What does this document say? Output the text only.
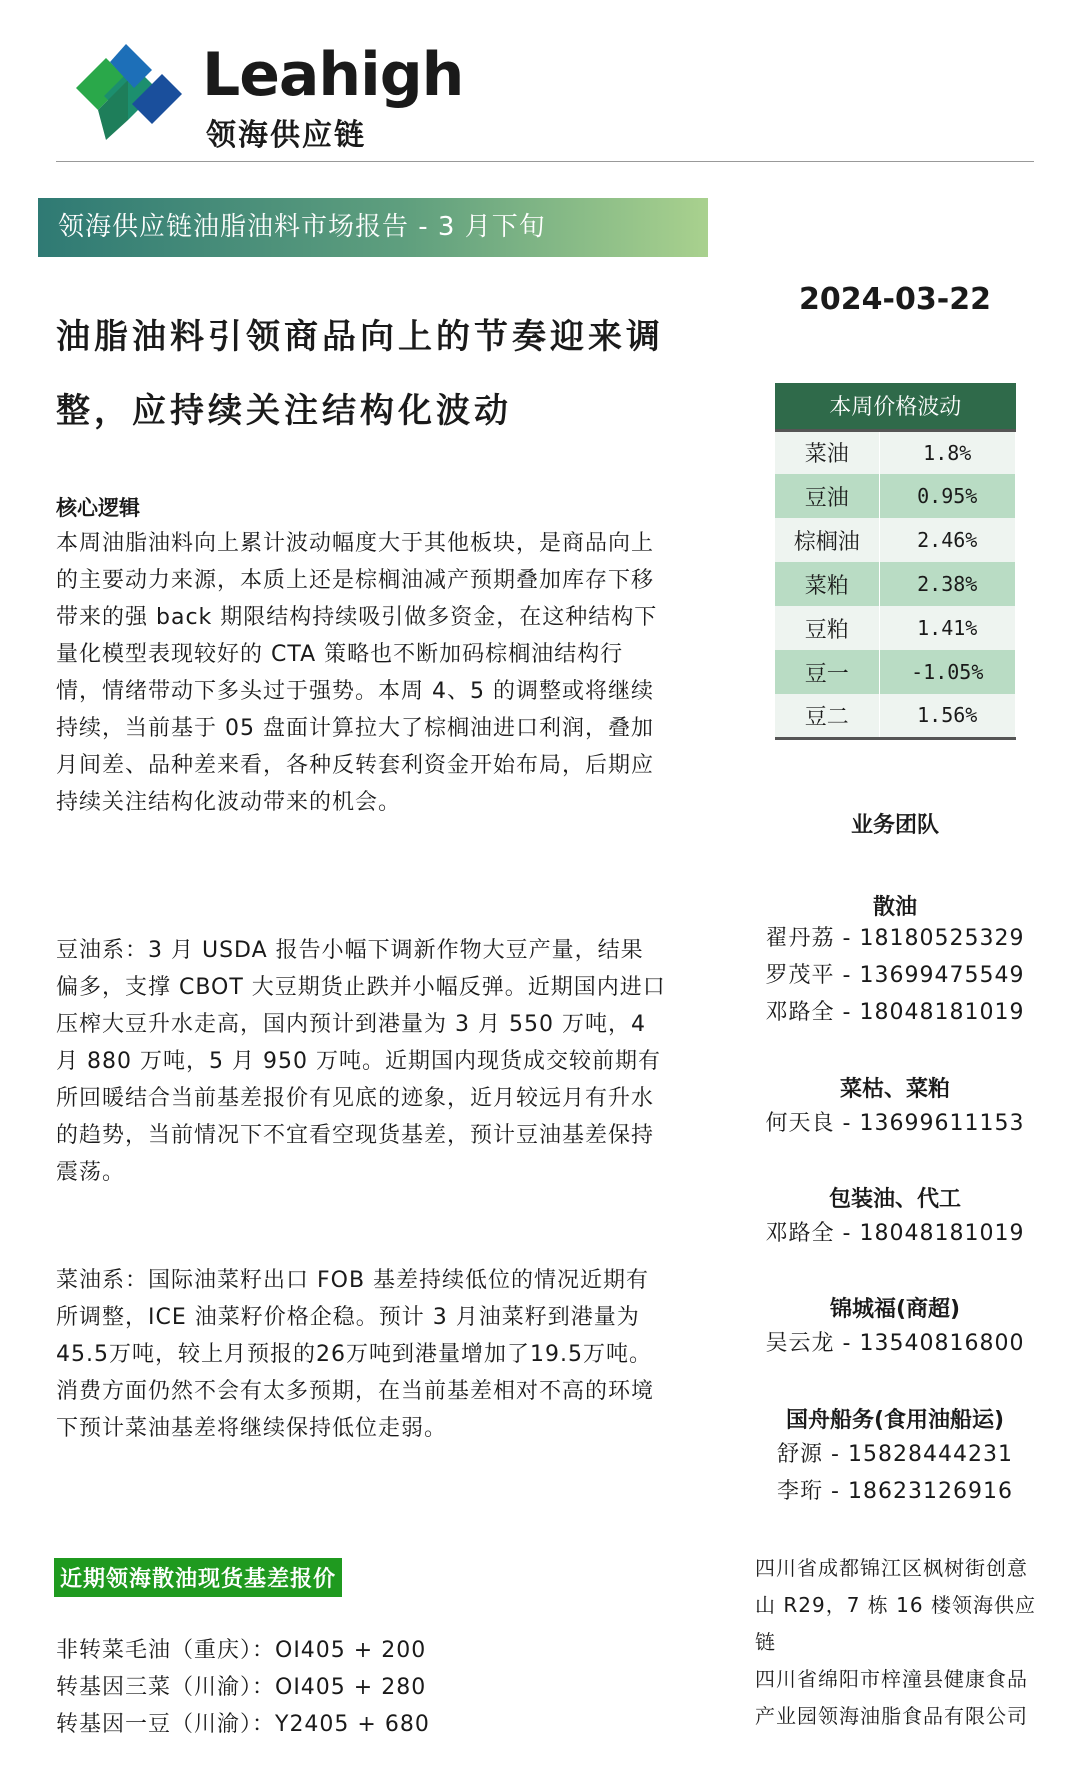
Leahigh
领海供应链
领海供应链油脂油料市场报告 - 3 月下旬
油脂油料引领商品向上的节奏迎来调整，应持续关注结构化波动
核心逻辑
本周油脂油料向上累计波动幅度大于其他板块，是商品向上的主要动力来源，本质上还是棕榈油减产预期叠加库存下移带来的强 back 期限结构持续吸引做多资金，在这种结构下量化模型表现较好的 CTA 策略也不断加码棕榈油结构行情，情绪带动下多头过于强势。本周 4、5 的调整或将继续持续，当前基于 05 盘面计算拉大了棕榈油进口利润，叠加月间差、品种差来看，各种反转套利资金开始布局，后期应持续关注结构化波动带来的机会。
豆油系：3 月 USDA 报告小幅下调新作物大豆产量，结果偏多，支撑 CBOT 大豆期货止跌并小幅反弹。近期国内进口压榨大豆升水走高，国内预计到港量为 3 月 550 万吨，4 月 880 万吨，5 月 950 万吨。近期国内现货成交较前期有所回暖结合当前基差报价有见底的迹象，近月较远月有升水的趋势，当前情况下不宜看空现货基差，预计豆油基差保持震荡。
菜油系：国际油菜籽出口 FOB 基差持续低位的情况近期有所调整，ICE 油菜籽价格企稳。预计 3 月油菜籽到港量为45.5万吨，较上月预报的26万吨到港量增加了19.5万吨。消费方面仍然不会有太多预期，在当前基差相对不高的环境下预计菜油基差将继续保持低位走弱。
近期领海散油现货基差报价
非转菜毛油（重庆）：OI405 + 200
转基因三菜（川渝）：OI405 + 280
转基因一豆（川渝）：Y2405 + 680
2024-03-22
本周价格波动	
菜油	1.8%
豆油	0.95%
棕榈油	2.46%
菜粕	2.38%
豆粕	1.41%
豆一	-1.05%
豆二	1.56%
业务团队
散油
翟丹荔 - 18180525329
罗茂平 - 13699475549
邓路全 - 18048181019
菜枯、菜粕
何天良 - 13699611153
包装油、代工
邓路全 - 18048181019
锦城福(商超)
吴云龙 - 13540816800
国舟船务(食用油船运)
舒源 - 15828444231
李珩 - 18623126916
四川省成都锦江区枫树街创意山 R29，7 栋 16 楼领海供应链
四川省绵阳市梓潼县健康食品产业园领海油脂食品有限公司
